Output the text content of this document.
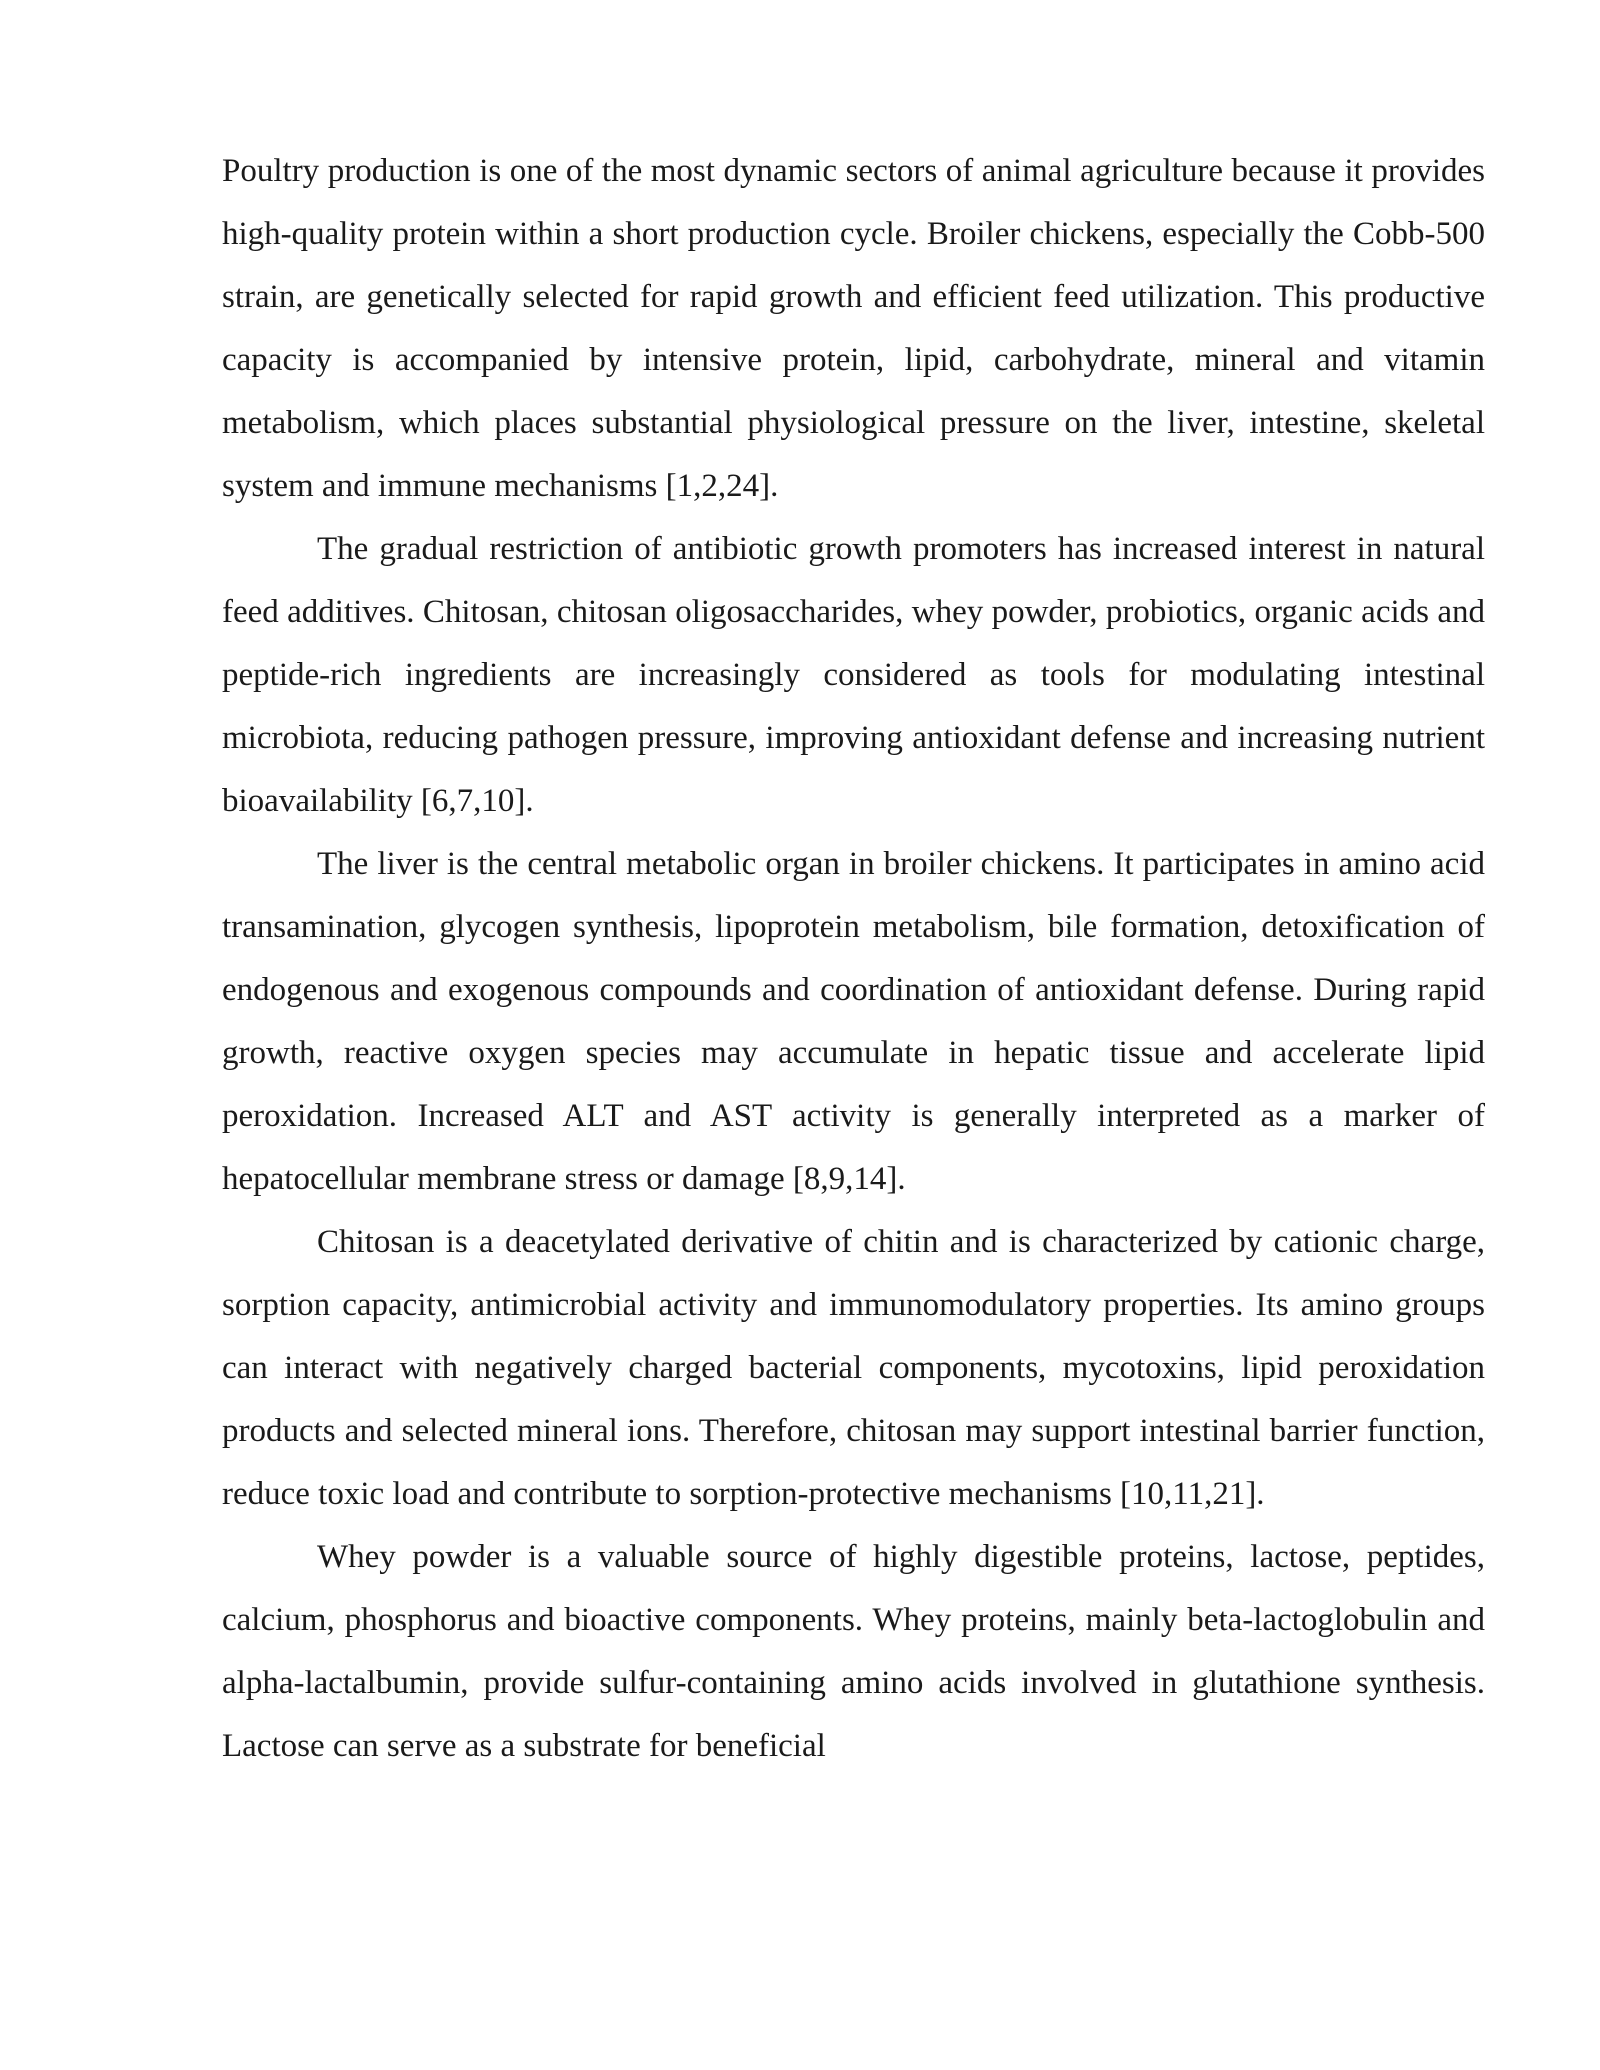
Poultry production is one of the most dynamic sectors of animal agriculture because it provides high-quality protein within a short production cycle. Broiler chickens, especially the Cobb-500 strain, are genetically selected for rapid growth and efficient feed utilization. This productive capacity is accompanied by intensive protein, lipid, carbohydrate, mineral and vitamin metabolism, which places substantial physiological pressure on the liver, intestine, skeletal system and immune mechanisms [1,2,24].

The gradual restriction of antibiotic growth promoters has increased interest in natural feed additives. Chitosan, chitosan oligosaccharides, whey powder, probiotics, organic acids and peptide-rich ingredients are increasingly considered as tools for modulating intestinal microbiota, reducing pathogen pressure, improving antioxidant defense and increasing nutrient bioavailability [6,7,10].

The liver is the central metabolic organ in broiler chickens. It participates in amino acid transamination, glycogen synthesis, lipoprotein metabolism, bile formation, detoxification of endogenous and exogenous compounds and coordination of antioxidant defense. During rapid growth, reactive oxygen species may accumulate in hepatic tissue and accelerate lipid peroxidation. Increased ALT and AST activity is generally interpreted as a marker of hepatocellular membrane stress or damage [8,9,14].

Chitosan is a deacetylated derivative of chitin and is characterized by cationic charge, sorption capacity, antimicrobial activity and immunomodulatory properties. Its amino groups can interact with negatively charged bacterial components, mycotoxins, lipid peroxidation products and selected mineral ions. Therefore, chitosan may support intestinal barrier function, reduce toxic load and contribute to sorption-protective mechanisms [10,11,21].

Whey powder is a valuable source of highly digestible proteins, lactose, peptides, calcium, phosphorus and bioactive components. Whey proteins, mainly beta-lactoglobulin and alpha-lactalbumin, provide sulfur-containing amino acids involved in glutathione synthesis. Lactose can serve as a substrate for beneficial
